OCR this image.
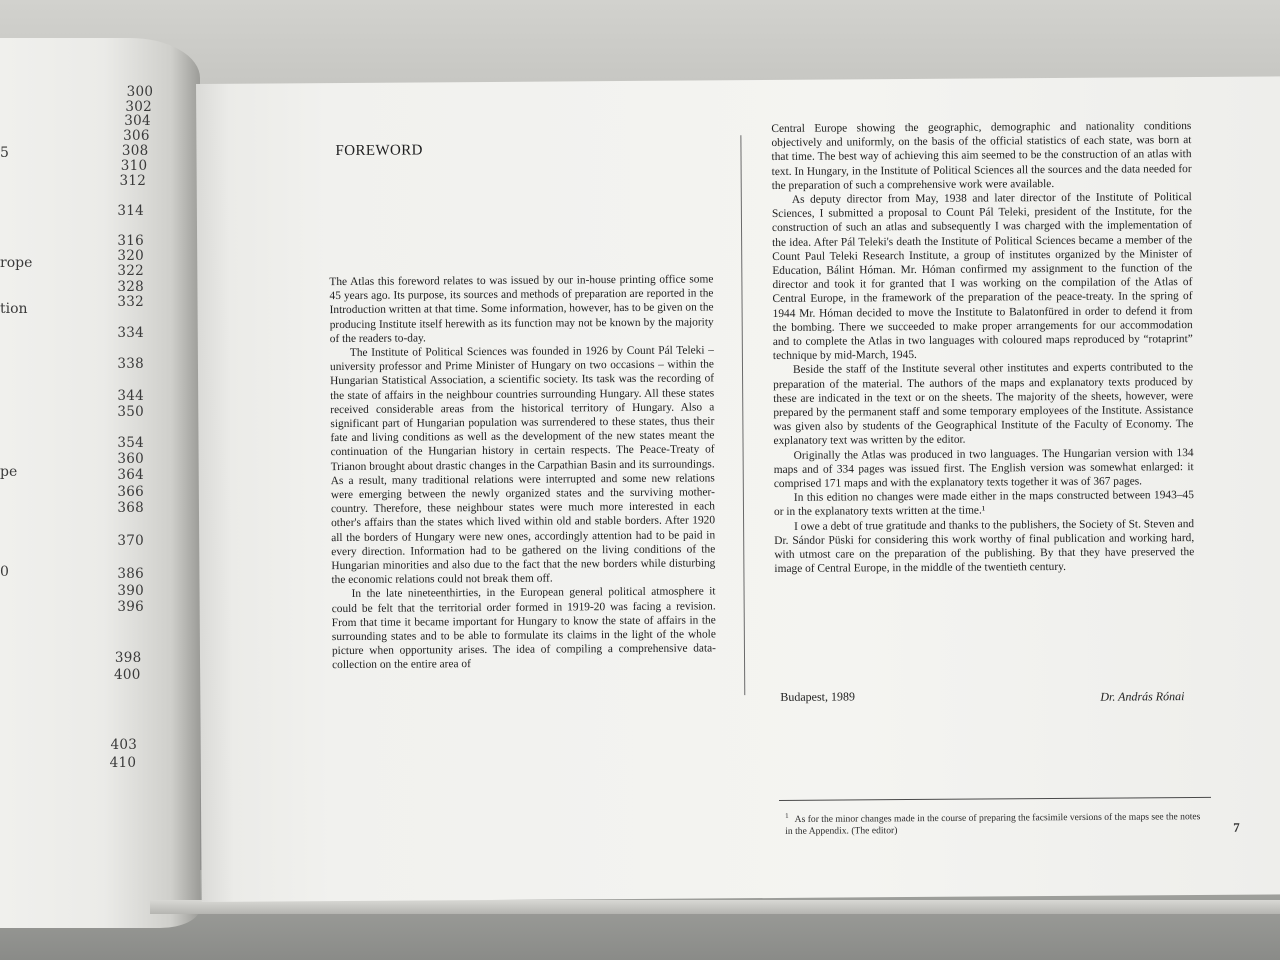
300
302
304
306
308
310
312
314
316
320
322
328
332
334
338
344
350
354
360
364
366
368
370
386
390
396
398
400
403
410
5
rope
tion
pe
0
FOREWORD

The Atlas this foreword relates to was issued by our in-house printing office some 45 years ago. Its purpose, its sources and methods of preparation are reported in the Introduction written at that time. Some information, however, has to be given on the producing Institute itself herewith as its function may not be known by the majority of the readers to-day.

The Institute of Political Sciences was founded in 1926 by Count Pál Teleki – university professor and Prime Minister of Hungary on two occasions – within the Hungarian Statistical Association, a scientific society. Its task was the recording of the state of affairs in the neighbour countries surrounding Hungary. All these states received considerable areas from the historical territory of Hungary. Also a significant part of Hungarian population was surrendered to these states, thus their fate and living conditions as well as the development of the new states meant the continuation of the Hungarian history in certain respects. The Peace-Treaty of Trianon brought about drastic changes in the Carpathian Basin and its surroundings. As a result, many traditional relations were interrupted and some new relations were emerging between the newly organized states and the surviving mother-country. Therefore, these neighbour states were much more interested in each other's affairs than the states which lived within old and stable borders. After 1920 all the borders of Hungary were new ones, accordingly attention had to be paid in every direction. Information had to be gathered on the living conditions of the Hungarian minorities and also due to the fact that the new borders while disturbing the economic relations could not break them off.

In the late nineteenthirties, in the European general political atmosphere it could be felt that the territorial order formed in 1919-20 was facing a revision. From that time it became important for Hungary to know the state of affairs in the surrounding states and to be able to formulate its claims in the light of the whole picture when opportunity arises. The idea of compiling a comprehensive data-collection on the entire area of

Central Europe showing the geographic, demographic and nationality conditions objectively and uniformly, on the basis of the official statistics of each state, was born at that time. The best way of achieving this aim seemed to be the construction of an atlas with text. In Hungary, in the Institute of Political Sciences all the sources and the data needed for the preparation of such a comprehensive work were available.

As deputy director from May, 1938 and later director of the Institute of Political Sciences, I submitted a proposal to Count Pál Teleki, president of the Institute, for the construction of such an atlas and subsequently I was charged with the implementation of the idea. After Pál Teleki's death the Institute of Political Sciences became a member of the Count Paul Teleki Research Institute, a group of institutes organized by the Minister of Education, Bálint Hóman. Mr. Hóman confirmed my assignment to the function of the director and took it for granted that I was working on the compilation of the Atlas of Central Europe, in the framework of the preparation of the peace-treaty. In the spring of 1944 Mr. Hóman decided to move the Institute to Balatonfüred in order to defend it from the bombing. There we succeeded to make proper arrangements for our accommodation and to complete the Atlas in two languages with coloured maps reproduced by “rotaprint” technique by mid-March, 1945.

Beside the staff of the Institute several other institutes and experts contributed to the preparation of the material. The authors of the maps and explanatory texts produced by these are indicated in the text or on the sheets. The majority of the sheets, however, were prepared by the permanent staff and some temporary employees of the Institute. Assistance was given also by students of the Geographical Institute of the Faculty of Economy. The explanatory text was written by the editor.

Originally the Atlas was produced in two languages. The Hungarian version with 134 maps and of 334 pages was issued first. The English version was somewhat enlarged: it comprised 171 maps and with the explanatory texts together it was of 367 pages.

In this edition no changes were made either in the maps constructed between 1943–45 or in the explanatory texts written at the time.¹

I owe a debt of true gratitude and thanks to the publishers, the Society of St. Steven and Dr. Sándor Püski for considering this work worthy of final publication and working hard, with utmost care on the preparation of the publishing. By that they have preserved the image of Central Europe, in the middle of the twentieth century.

Budapest, 1989	Dr. András Rónai
$^1$ As for the minor changes made in the course of preparing the facsimile versions of the maps see the notes in the Appendix. (The editor)	7
